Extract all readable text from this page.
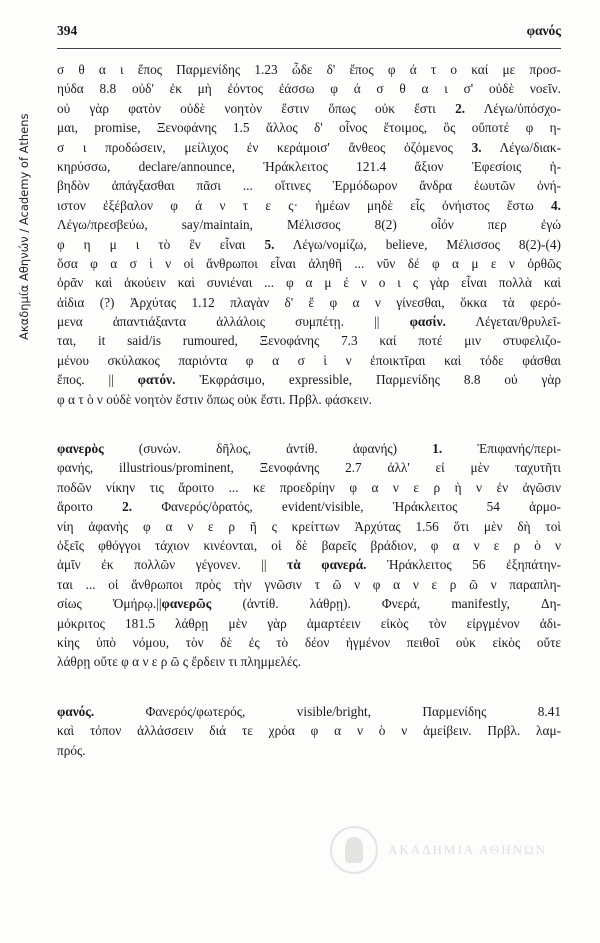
Ακαδημία Αθηνών / Academy of Athens
394	φανός
σ θ α ι ἔπος Παρμενίδης 1.23 ὧδε δ' ἔπος φ ά τ ο καί με προσ-
ηύδα 8.8 οὐδ' ἐκ μὴ ἐόντος ἐάσσω φ ά σ θ α ι σ' οὐδὲ νοεῖν.
οὐ γὰρ φατὸν οὐδὲ νοητὸν ἔστιν ὅπως οὐκ ἔστι 2. Λέγω/ὑπόσχο-
μαι, promise, Ξενοφάνης 1.5 ἄλλος δ' οἶνος ἕτοιμος, ὃς οὔποτέ φ η-
σ ι προδώσειν, μείλιχος ἐν κεράμοισ' ἄνθεος ὀζόμενος 3. Λέγω/διακ-
κηρύσσω, declare/announce, Ἡράκλειτος 121.4 ἄξιον Ἐφεσίοις ἡ-
βηδὸν ἀπάγξασθαι πᾶσι ... οἵτινες Ἑρμόδωρον ἄνδρα ἑωυτῶν ὀνή-
ιστον ἐξέβαλον φ ά ν τ ε ς· ἡμέων μηδὲ εἷς ὀνήιστος ἔστω 4.
Λέγω/πρεσβεύω, say/maintain, Μέλισσος 8(2) οἷόν περ ἐγώ
φ η μ ι τὸ ἓν εἶναι 5. Λέγω/νομίζω, believe, Μέλισσος 8(2)-(4)
ὅσα φ α σ ὶ ν οἱ ἄνθρωποι εἶναι ἀληθῆ ... νῦν δέ φ α μ ε ν ὀρθῶς
ὁρᾶν καὶ ἀκούειν καὶ συνιέναι ... φ α μ έ ν ο ι ς γὰρ εἶναι πολλὰ καὶ
ἀίδια (?) Ἀρχύτας 1.12 πλαγὰν δ' ἔ φ α ν γίνεσθαι, ὅκκα τὰ φερό-
μενα ἀπαντιάξαντα ἀλλάλοις συμπέτῃ. || φασίν. Λέγεται/θρυλεῖ-
ται, it said/is rumoured, Ξενοφάνης 7.3 καί ποτέ μιν στυφελιζο-
μένου σκύλακος παριόντα φ α σ ὶ ν ἐποικτῖραι καὶ τόδε φάσθαι
ἔπος. || φατόν. Ἐκφράσιμο, expressible, Παρμενίδης 8.8 οὐ γὰρ
φ α τ ὸ ν οὐδὲ νοητὸν ἔστιν ὅπως οὐκ ἔστι. Πρβλ. φάσκειν.
φανερὸς (συνών. δῆλος, ἀντίθ. ἀφανής) 1. Ἐπιφανής/περι-
φανής, illustrious/prominent, Ξενοφάνης 2.7 ἀλλ' εἰ μὲν ταχυτῆτι
ποδῶν νίκην τις ἄροιτο ... κε προεδρίην φ α ν ε ρ ὴ ν ἐν ἀγῶσιν
ἄροιτο 2. Φανερός/ὁρατός, evident/visible, Ἡράκλειτος 54 ἁρμο-
νίη ἀφανὴς φ α ν ε ρ ῆ ς κρείττων Ἀρχύτας 1.56 ὅτι μὲν δὴ τοὶ
ὀξεῖς φθόγγοι τάχιον κινέονται, οἱ δὲ βαρεῖς βράδιον, φ α ν ε ρ ὸ ν
ἁμῖν ἐκ πολλῶν γέγονεν. || τὰ φανερά. Ἡράκλειτος 56 ἐξηπάτην-
ται ... οἱ ἄνθρωποι πρὸς τὴν γνῶσιν τ ῶ ν φ α ν ε ρ ῶ ν παραπλη-
σίως Ὁμήρῳ.||φανερῶς (ἀντίθ. λάθρῃ). Φνερά, manifestly, Δη-
μόκριτος 181.5 λάθρῃ μὲν γὰρ ἁμαρτέειν εἰκὸς τὸν εἰργμένον ἀδι-
κίης ὑπὸ νόμου, τὸν δὲ ἐς τὸ δέον ἠγμένον πειθοῖ οὐκ εἰκὸς οὔτε
λάθρῃ οὔτε φ α ν ε ρ ῶ ς ἔρδειν τι πλημμελές.
φανός. Φανερός/φωτερός, visible/bright, Παρμενίδης 8.41
καὶ τόπον ἀλλάσσειν διά τε χρόα φ α ν ὸ ν ἀμείβειν. Πρβλ. λαμ-
πρός.
ΑΚΑΔΗΜΙΑ ΑΘΗΝΩΝ
